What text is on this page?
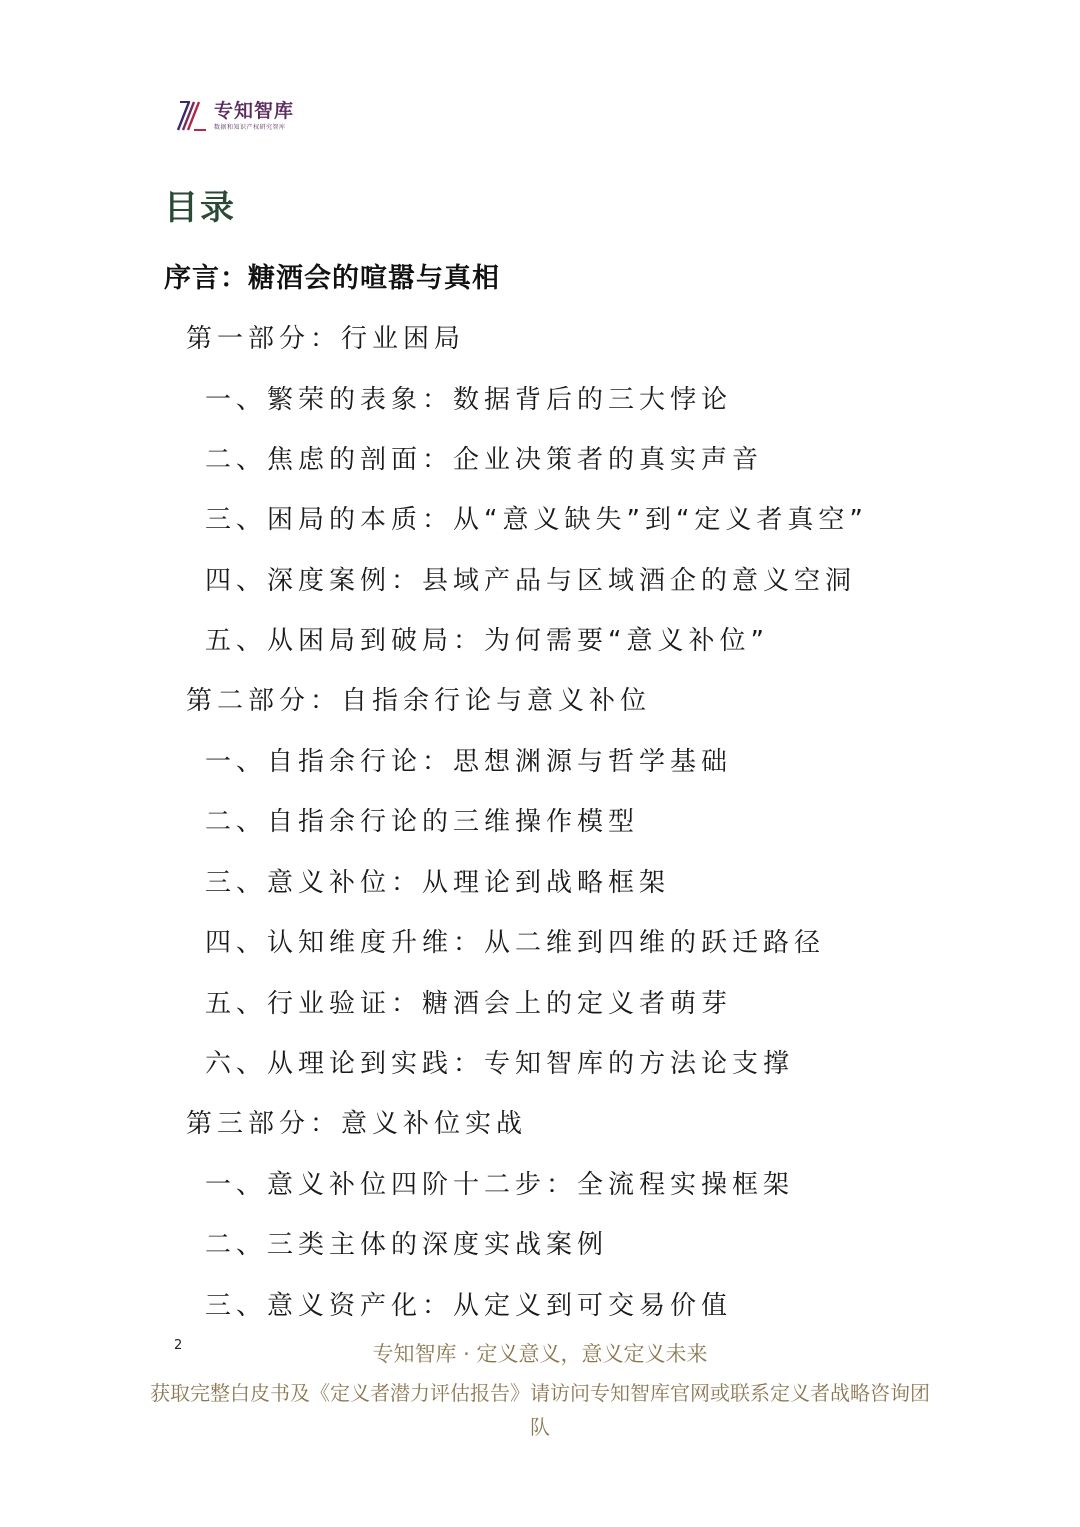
专知智库
数据和知识产权研究智库
目录
序言：糖酒会的喧嚣与真相
第一部分：行业困局
一、繁荣的表象：数据背后的三大悖论
二、焦虑的剖面：企业决策者的真实声音
三、困局的本质：从“意义缺失”到“定义者真空”
四、深度案例：县域产品与区域酒企的意义空洞
五、从困局到破局：为何需要“意义补位”
第二部分：自指余行论与意义补位
一、自指余行论：思想渊源与哲学基础
二、自指余行论的三维操作模型
三、意义补位：从理论到战略框架
四、认知维度升维：从二维到四维的跃迁路径
五、行业验证：糖酒会上的定义者萌芽
六、从理论到实践：专知智库的方法论支撑
第三部分：意义补位实战
一、意义补位四阶十二步：全流程实操框架
二、三类主体的深度实战案例
三、意义资产化：从定义到可交易价值
2	专知智库 · 定义意义，意义定义未来
获取完整白皮书及《定义者潜力评估报告》请访问专知智库官网或联系定义者战略咨询团队
